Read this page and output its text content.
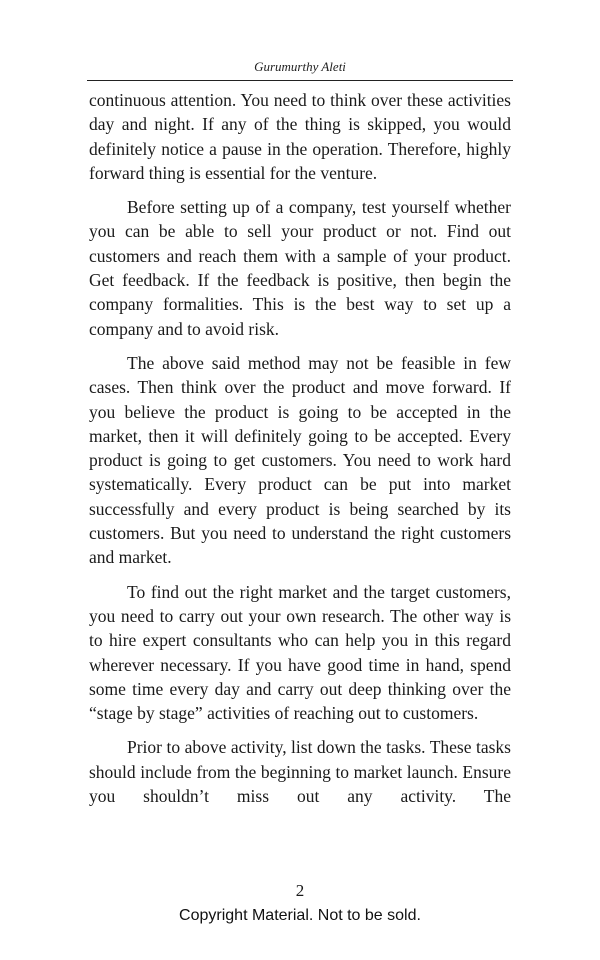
Gurumurthy Aleti

continuous attention. You need to think over these activities day and night. If any of the thing is skipped, you would definitely notice a pause in the operation. Therefore, highly forward thing is essential for the venture.

Before setting up of a company, test yourself whether you can be able to sell your product or not. Find out customers and reach them with a sample of your product. Get feedback. If the feedback is positive, then begin the company formalities. This is the best way to set up a company and to avoid risk.

The above said method may not be feasible in few cases. Then think over the product and move forward. If you believe the product is going to be accepted in the market, then it will definitely going to be accepted. Every product is going to get customers. You need to work hard systematically. Every product can be put into market successfully and every product is being searched by its customers. But you need to understand the right customers and market.

To find out the right market and the target customers, you need to carry out your own research. The other way is to hire expert consultants who can help you in this regard wherever necessary. If you have good time in hand, spend some time every day and carry out deep thinking over the “stage by stage” activities of reaching out to customers.

Prior to above activity, list down the tasks. These tasks should include from the beginning to market launch. Ensure you shouldn’t miss out any activity. The

2
Copyright Material. Not to be sold.
